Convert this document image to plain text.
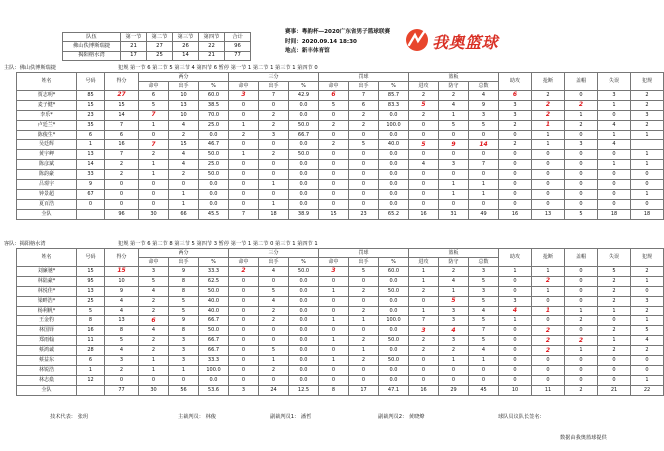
队伍	第一节	第二节	第三节	第四节	合计
佛山佚博斯瑞捷	21	27	26	22	96
揭阳榕水湾	17	25	14	21	77
赛事：粤韵杯—2020广东省男子篮球联赛
时间：2020.09.14 18:30
地点：新丰体育馆	我奥篮球
主队：佛山佚博斯瑞捷	犯规 第一节 6 第二节 5 第三节 4 第四节 6 暂停 第一节 1 第二节 1 第三节 1 第四节 0
姓名	号码	得分	两分			三分			罚球			篮板			助攻	抢断	盖帽	失误	犯规
			命中	出手	%	命中	出手	%	命中	出手	%	进攻	防守	总数					
贾志明*	85	27	6	10	60.0	3	7	42.9	6	7	85.7	2	2	4	6	2	0	3	2
麦子健*	15	15	5	13	38.5	0	0	0.0	5	6	83.3	5	4	9	3	2	2	1	2
李乐*	23	14	7	10	70.0	0	2	0.0	0	2	0.0	2	1	3	3	2	1	0	3
卢廷兰*	35	7	1	4	25.0	1	2	50.0	2	2	100.0	0	5	5	2	1	2	4	2
陈俊生*	6	6	0	2	0.0	2	3	66.7	0	0	0.0	0	0	0	0	1	0	1	1
吴廷辉	1	16	7	15	46.7	0	0	0.0	2	5	40.0	5	9	14	2	1	3	4	
黄宇岬	13	7	2	4	50.0	1	2	50.0	0	0	0.0	0	0	0	0	0	0	0	1
陈彦斌	14	2	1	4	25.0	0	0	0.0	0	0	0.0	4	3	7	0	0	0	1	1
陈韵豪	33	2	1	2	50.0	0	0	0.0	0	0	0.0	0	0	0	0	0	0	0	0
吕璟宇	9	0	0	0	0.0	0	1	0.0	0	0	0.0	0	1	1	0	0	0	0	0
钟景超	67	0	0	1	0.0	0	0	0.0	0	0	0.0	0	1	1	0	0	0	0	1
夏百浩	0	0	0	1	0.0	0	1	0.0	0	0	0.0	0	0	0	0	0	0	0	0
全队		96	30	66	45.5	7	18	38.9	15	23	65.2	16	31	49	16	13	5	18	18
客队：揭阳榕水湾	犯规 第一节 6 第二节 8 第三节 5 第四节 3 暂停 第一节 1 第二节 0 第三节 1 第四节 1
姓名	号码	得分	两分			三分			罚球			篮板			助攻	抢断	盖帽	失误	犯规
			命中	出手	%	命中	出手	%	命中	出手	%	进攻	防守	总数					
刘廉驰*	15	15	3	9	33.3	2	4	50.0	3	5	60.0	1	2	3	1	1	0	5	2
林陆豪*	95	10	5	8	62.5	0	0	0.0	0	0	0.0	1	4	5	0	2	0	2	1
林悦佳*	13	9	4	8	50.0	0	5	0.0	1	2	50.0	2	1	3	0	1	0	2	0
梁畔浩*	25	4	2	5	40.0	0	4	0.0	0	0	0.0	0	5	5	3	0	0	2	3
杨利帆*	5	4	2	5	40.0	0	2	0.0	0	2	0.0	1	3	4	4	1	1	1	2
王金豹	8	13	6	9	66.7	0	2	0.0	1	1	100.0	7	3	5	1	0	2	0	1
林国铎	16	8	4	8	50.0	0	0	0.0	0	0	0.0	3	4	7	0	2	0	2	5
郑雨翰	11	5	2	3	66.7	0	0	0.0	1	2	50.0	2	3	5	0	2	2	1	4
蔡鸿诚	28	4	2	3	66.7	0	5	0.0	0	1	0.0	2	2	4	0	2	1	2	2
蔡益东	6	3	1	3	33.3	0	1	0.0	1	2	50.0	0	1	1	0	0	0	0	0
林锐浩	1	2	1	1	100.0	0	2	0.0	0	0	0.0	0	0	0	0	0	0	0	0
林志燊	12	0	0	0	0.0	0	0	0.0	0	0	0.0	0	0	0	0	0	0	0	1
全队		77	30	56	53.6	3	24	12.5	8	17	47.1	16	29	45	10	11	2	21	22
技术代表： 张玥	主裁判员： 林俊	副裁判员1： 潘哲	副裁判员2： 黄晓燎	球队员议队长签名：
数据由我奥篮球提供
